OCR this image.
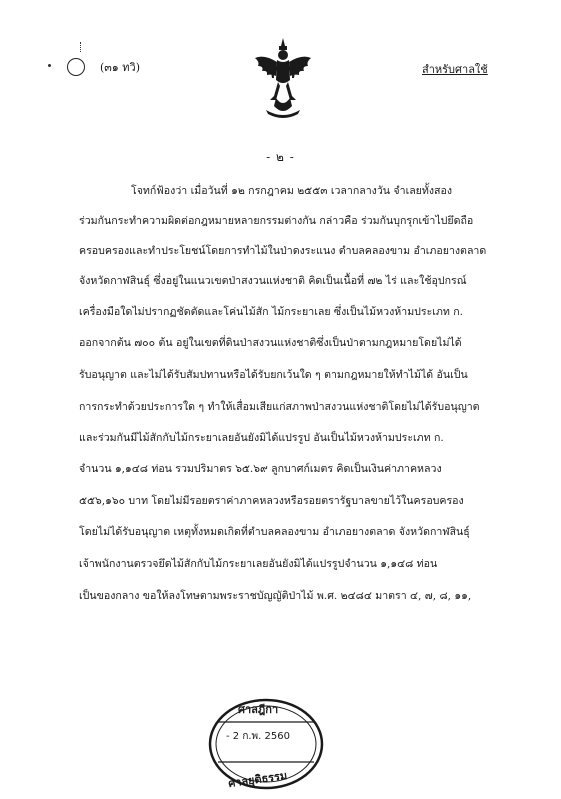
(๓๑ ทวิ)	สำหรับศาลใช้
- ๒ -
โจทก์ฟ้องว่า เมื่อวันที่ ๑๒ กรกฎาคม ๒๕๕๓ เวลากลางวัน จำเลยทั้งสอง
ร่วมกันกระทำความผิดต่อกฎหมายหลายกรรมต่างกัน กล่าวคือ ร่วมกันบุกรุกเข้าไปยึดถือ
ครอบครองและทำประโยชน์โดยการทำไม้ในป่าดงระแนง ตำบลคลองขาม อำเภอยางตลาด
จังหวัดกาฬสินธุ์ ซึ่งอยู่ในแนวเขตป่าสงวนแห่งชาติ คิดเป็นเนื้อที่ ๗๒ ไร่ และใช้อุปกรณ์
เครื่องมือใดไม่ปรากฏชัดตัดและโค่นไม้สัก ไม้กระยาเลย ซึ่งเป็นไม้หวงห้ามประเภท ก.
ออกจากต้น ๗๐๐ ต้น อยู่ในเขตที่ดินป่าสงวนแห่งชาติซึ่งเป็นป่าตามกฎหมายโดยไม่ได้
รับอนุญาต และไม่ได้รับสัมปทานหรือได้รับยกเว้นใด ๆ ตามกฎหมายให้ทำไม้ได้ อันเป็น
การกระทำด้วยประการใด ๆ ทำให้เสื่อมเสียแก่สภาพป่าสงวนแห่งชาติโดยไม่ได้รับอนุญาต
และร่วมกันมีไม้สักกับไม้กระยาเลยอันยังมิได้แปรรูป อันเป็นไม้หวงห้ามประเภท ก.
จำนวน ๑,๑๔๘ ท่อน รวมปริมาตร ๖๕.๖๙ ลูกบาศก์เมตร คิดเป็นเงินค่าภาคหลวง
๕๕๖,๑๖๐ บาท โดยไม่มีรอยตราค่าภาคหลวงหรือรอยตรารัฐบาลขายไว้ในครอบครอง
โดยไม่ได้รับอนุญาต เหตุทั้งหมดเกิดที่ตำบลคลองขาม อำเภอยางตลาด จังหวัดกาฬสินธุ์
เจ้าพนักงานตรวจยึดไม้สักกับไม้กระยาเลยอันยังมิได้แปรรูปจำนวน ๑,๑๔๘ ท่อน
เป็นของกลาง ขอให้ลงโทษตามพระราชบัญญัติป่าไม้ พ.ศ. ๒๔๘๔ มาตรา ๔, ๗, ๘, ๑๑,
ศาลฎีกา
- 2 ก.พ. 2560
ศาลยุติธรรม
